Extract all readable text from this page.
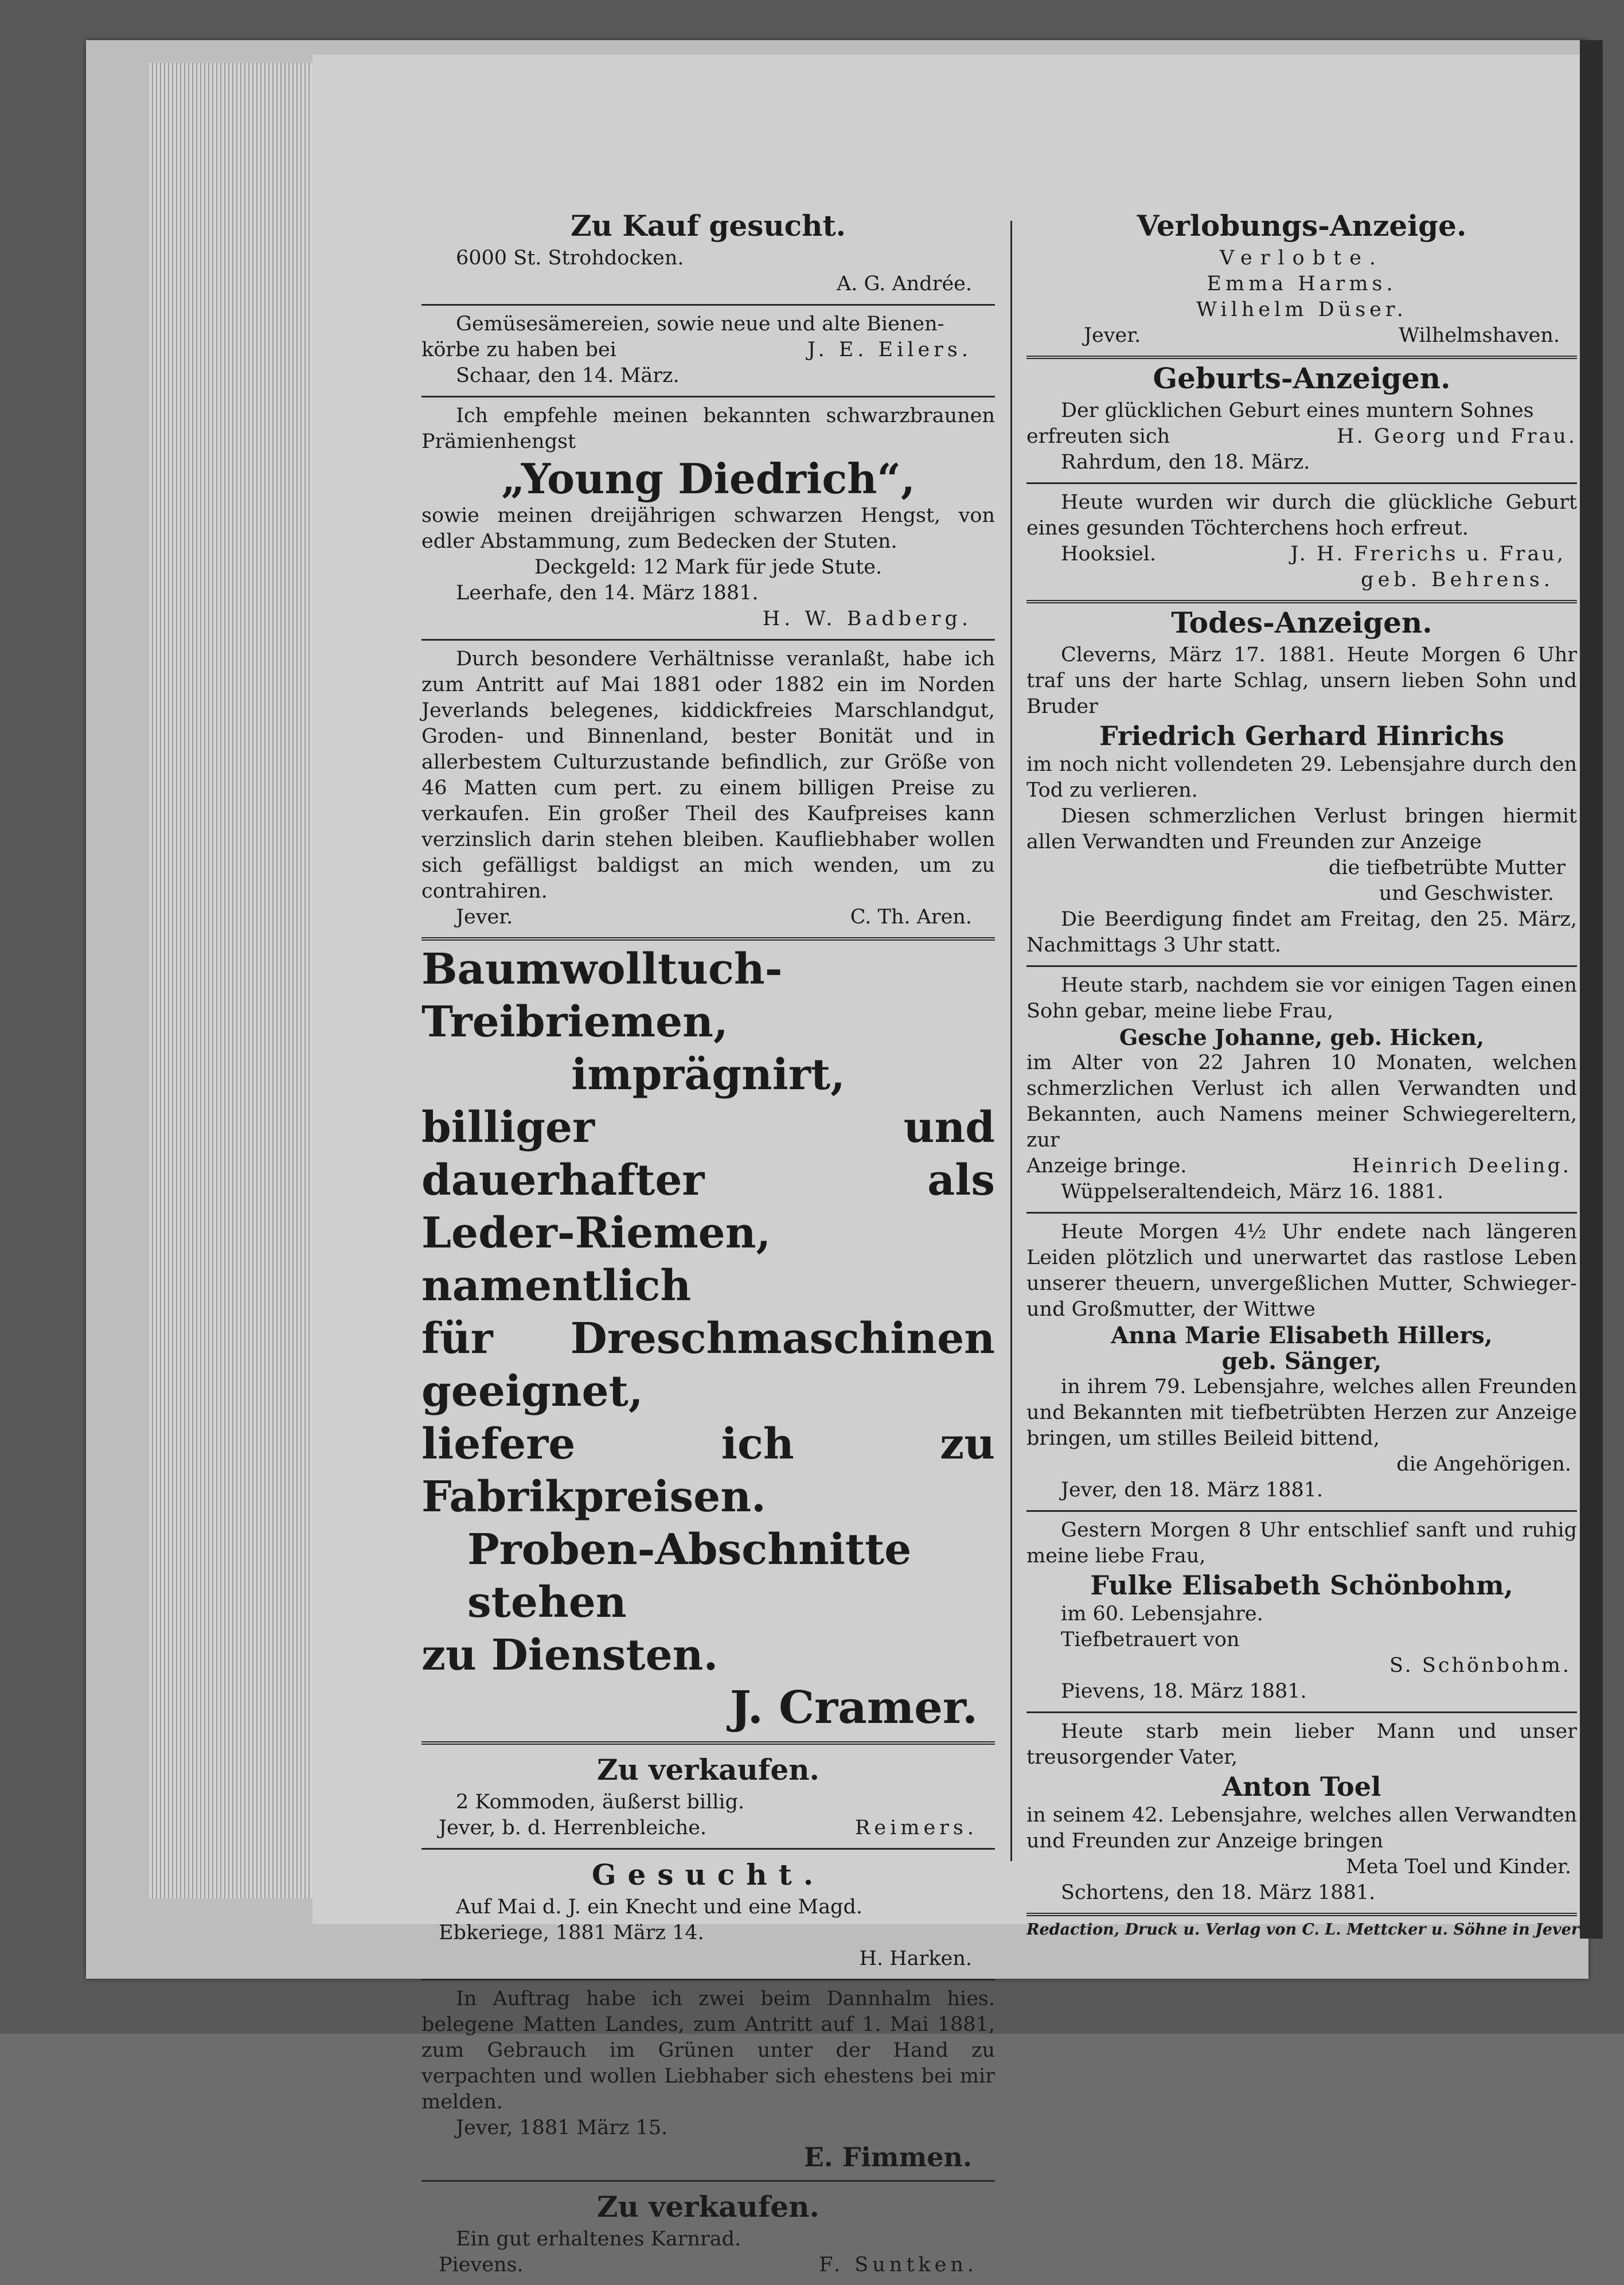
Zu Kauf gesucht.
6000 St. Strohdocken.
A. G. Andrée.
Gemüsesämereien, sowie neue und alte Bienen-
körbe zu haben bei	J. E. Eilers.
Schaar, den 14. März.
Ich empfehle meinen bekannten schwarzbraunen Prämienhengst
„Young Diedrich“,
sowie meinen dreijährigen schwarzen Hengst, von edler Abstammung, zum Bedecken der Stuten.
Deckgeld: 12 Mark für jede Stute.
Leerhafe, den 14. März 1881.
H. W. Badberg.
Durch besondere Verhältnisse veranlaßt, habe ich zum Antritt auf Mai 1881 oder 1882 ein im Norden Jeverlands belegenes, kiddickfreies Marschlandgut, Groden- und Binnenland, bester Bonität und in allerbestem Culturzustande befindlich, zur Größe von 46 Matten cum pert. zu einem billigen Preise zu verkaufen. Ein großer Theil des Kaufpreises kann verzinslich darin stehen bleiben. Kaufliebhaber wollen sich gefälligst baldigst an mich wenden, um zu contrahiren.
Jever.	C. Th. Aren.
Baumwolltuch-Treibriemen,
imprägnirt,
billiger und dauerhafter als
Leder-Riemen, namentlich
für Dreschmaschinen geeignet,
liefere ich zu Fabrikpreisen.
Proben-Abschnitte stehen
zu Diensten.
J. Cramer.
Zu verkaufen.
2 Kommoden, äußerst billig.
Jever, b. d. Herrenbleiche.	Reimers.
Gesucht.
Auf Mai d. J. ein Knecht und eine Magd.
Ebkeriege, 1881 März 14.
H. Harken.
In Auftrag habe ich zwei beim Dannhalm hies. belegene Matten Landes, zum Antritt auf 1. Mai 1881, zum Gebrauch im Grünen unter der Hand zu verpachten und wollen Liebhaber sich ehestens bei mir melden.
Jever, 1881 März 15.
E. Fimmen.
Zu verkaufen.
Ein gut erhaltenes Karnrad.
Pievens.	F. Suntken.
Verlobungs-Anzeige.
Verlobte.
Emma Harms.
Wilhelm Düser.
Jever.	Wilhelmshaven.
Geburts-Anzeigen.
Der glücklichen Geburt eines muntern Sohnes
erfreuten sich	H. Georg und Frau.
Rahrdum, den 18. März.
Heute wurden wir durch die glückliche Geburt eines gesunden Töchterchens hoch erfreut.
Hooksiel.	J. H. Frerichs u. Frau,
geb. Behrens.
Todes-Anzeigen.
Cleverns, März 17. 1881. Heute Morgen 6 Uhr traf uns der harte Schlag, unsern lieben Sohn und Bruder
Friedrich Gerhard Hinrichs
im noch nicht vollendeten 29. Lebensjahre durch den Tod zu verlieren.
Diesen schmerzlichen Verlust bringen hiermit allen Verwandten und Freunden zur Anzeige
die tiefbetrübte Mutter
und Geschwister.
Die Beerdigung findet am Freitag, den 25. März, Nachmittags 3 Uhr statt.
Heute starb, nachdem sie vor einigen Tagen einen Sohn gebar, meine liebe Frau,
Gesche Johanne, geb. Hicken,
im Alter von 22 Jahren 10 Monaten, welchen schmerzlichen Verlust ich allen Verwandten und Bekannten, auch Namens meiner Schwiegereltern, zur
Anzeige bringe.	Heinrich Deeling.
Wüppelseraltendeich, März 16. 1881.
Heute Morgen 4½ Uhr endete nach längeren Leiden plötzlich und unerwartet das rastlose Leben unserer theuern, unvergeßlichen Mutter, Schwieger- und Großmutter, der Wittwe
Anna Marie Elisabeth Hillers,
geb. Sänger,
in ihrem 79. Lebensjahre, welches allen Freunden und Bekannten mit tiefbetrübten Herzen zur Anzeige bringen, um stilles Beileid bittend,
die Angehörigen.
Jever, den 18. März 1881.
Gestern Morgen 8 Uhr entschlief sanft und ruhig meine liebe Frau,
Fulke Elisabeth Schönbohm,
im 60. Lebensjahre.
Tiefbetrauert von
S. Schönbohm.
Pievens, 18. März 1881.
Heute starb mein lieber Mann und unser treusorgender Vater,
Anton Toel
in seinem 42. Lebensjahre, welches allen Verwandten und Freunden zur Anzeige bringen
Meta Toel und Kinder.
Schortens, den 18. März 1881.
Redaction, Druck u. Verlag von C. L. Mettcker u. Söhne in Jever
